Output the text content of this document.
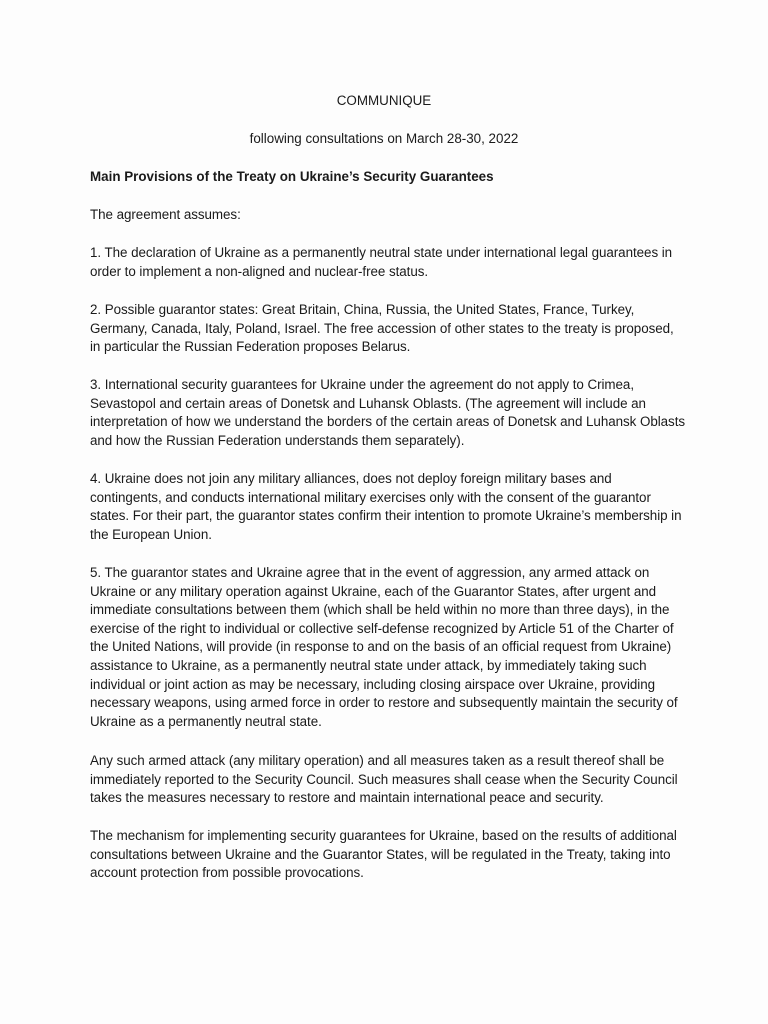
COMMUNIQUE

following consultations on March 28-30, 2022

Main Provisions of the Treaty on Ukraine’s Security Guarantees

The agreement assumes:

1. The declaration of Ukraine as a permanently neutral state under international legal guarantees in order to implement a non-aligned and nuclear-free status.

2. Possible guarantor states: Great Britain, China, Russia, the United States, France, Turkey, Germany, Canada, Italy, Poland, Israel. The free accession of other states to the treaty is proposed, in particular the Russian Federation proposes Belarus.

3. International security guarantees for Ukraine under the agreement do not apply to Crimea, Sevastopol and certain areas of Donetsk and Luhansk Oblasts. (The agreement will include an interpretation of how we understand the borders of the certain areas of Donetsk and Luhansk Oblasts and how the Russian Federation understands them separately).

4. Ukraine does not join any military alliances, does not deploy foreign military bases and contingents, and conducts international military exercises only with the consent of the guarantor states. For their part, the guarantor states confirm their intention to promote Ukraine’s membership in the European Union.

5. The guarantor states and Ukraine agree that in the event of aggression, any armed attack on Ukraine or any military operation against Ukraine, each of the Guarantor States, after urgent and immediate consultations between them (which shall be held within no more than three days), in the exercise of the right to individual or collective self-defense recognized by Article 51 of the Charter of the United Nations, will provide (in response to and on the basis of an official request from Ukraine) assistance to Ukraine, as a permanently neutral state under attack, by immediately taking such individual or joint action as may be necessary, including closing airspace over Ukraine, providing necessary weapons, using armed force in order to restore and subsequently maintain the security of Ukraine as a permanently neutral state.

Any such armed attack (any military operation) and all measures taken as a result thereof shall be immediately reported to the Security Council. Such measures shall cease when the Security Council takes the measures necessary to restore and maintain international peace and security.

The mechanism for implementing security guarantees for Ukraine, based on the results of additional consultations between Ukraine and the Guarantor States, will be regulated in the Treaty, taking into account protection from possible provocations.
